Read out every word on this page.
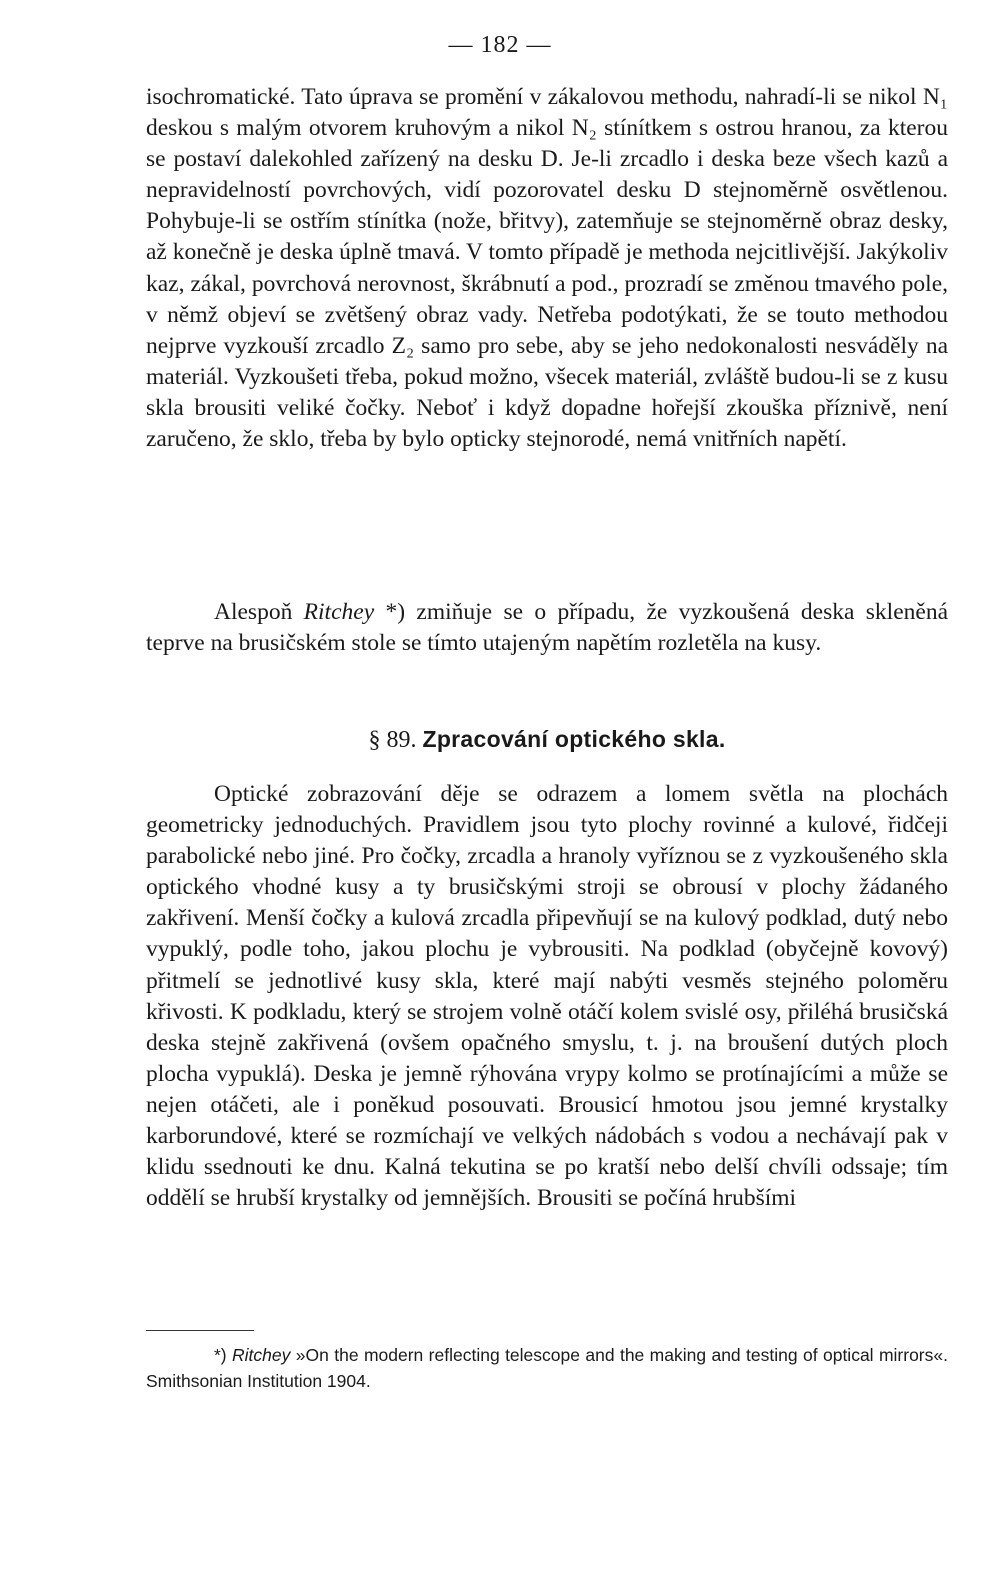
— 182 —

isochromatické. Tato úprava se promění v zákalovou methodu, nahradí-li se nikol N₁ deskou s malým otvorem kruhovým a nikol N₂ stínítkem s ostrou hranou, za kterou se postaví dalekohled zařízený na desku D. Je-li zrcadlo i deska beze všech kazů a nepravidelností povrchových, vidí pozorovatel desku D stejnoměrně osvětlenou. Pohybuje-li se ostřím stínítka (nože, břitvy), zatemňuje se stejnoměrně obraz desky, až konečně je deska úplně tmavá. V tomto případě je methoda nejcitlivější. Jakýkoliv kaz, zákal, povrchová nerovnost, škrábnutí a pod., prozradí se změnou tmavého pole, v němž objeví se zvětšený obraz vady. Netřeba podotýkati, že se touto methodou nejprve vyzkouší zrcadlo Z₂ samo pro sebe, aby se jeho nedokonalosti nesváděly na materiál. Vyzkoušeti třeba, pokud možno, všecek materiál, zvláště budou-li se z kusu skla brousiti veliké čočky. Neboť i když dopadne hořejší zkouška příznivě, není zaručeno, že sklo, třeba by bylo opticky stejnorodé, nemá vnitřních napětí.

Alespoň Ritchey *) zmiňuje se o případu, že vyzkoušená deska skleněná teprve na brusičském stole se tímto utajeným napětím rozletěla na kusy.

§ 89. Zpracování optického skla.

Optické zobrazování děje se odrazem a lomem světla na plochách geometricky jednoduchých. Pravidlem jsou tyto plochy rovinné a kulové, řidčeji parabolické nebo jiné. Pro čočky, zrcadla a hranoly vyříznou se z vyzkoušeného skla optického vhodné kusy a ty brusičskými stroji se obrousí v plochy žádaného zakřivení. Menší čočky a kulová zrcadla připevňují se na kulový podklad, dutý nebo vypuklý, podle toho, jakou plochu je vybrousiti. Na podklad (obyčejně kovový) přitmelí se jednotlivé kusy skla, které mají nabýti vesměs stejného poloměru křivosti. K podkladu, který se strojem volně otáčí kolem svislé osy, přiléhá brusičská deska stejně zakřivená (ovšem opačného smyslu, t. j. na broušení dutých ploch plocha vypuklá). Deska je jemně rýhována vrypy kolmo se protínajícími a může se nejen otáčeti, ale i poněkud posouvati. Brousicí hmotou jsou jemné krystalky karborundové, které se rozmíchají ve velkých nádobách s vodou a nechávají pak v klidu ssednouti ke dnu. Kalná tekutina se po kratší nebo delší chvíli odssaje; tím oddělí se hrubší krystalky od jemnějších. Brousiti se počíná hrubšími

*) Ritchey »On the modern reflecting telescope and the making and testing of optical mirrors«. Smithsonian Institution 1904.
